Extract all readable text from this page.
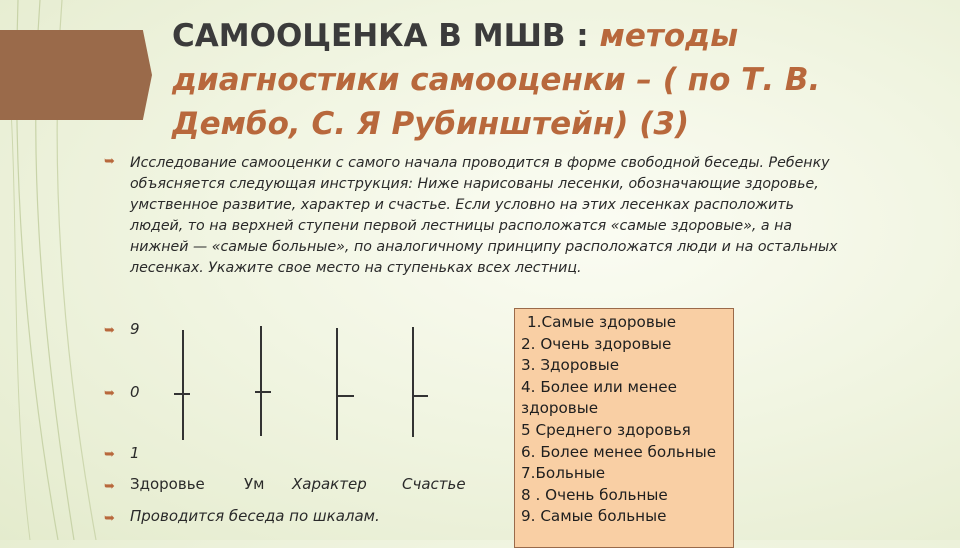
САМООЦЕНКА В МШВ : методы диагностики самооценки – ( по Т. В. Дембо, С. Я Рубинштейн) (3)
➥ Исследование самооценки с самого начала проводится в форме свободной беседы. Ребенку объясняется следующая инструкция: Ниже нарисованы лесенки, обозначающие здоровье, умственное развитие, характер и счастье. Если условно на этих лесенках расположить людей, то на верхней ступени первой лестницы расположатся «самые здоровые», а на нижней — «самые больные», по аналогичному принципу расположатся люди и на остальных лесенках. Укажите свое место на ступеньках всех лестниц.
➥ 9
➥ 0
➥ 1
➥ Здоровье	Ум Характер Счастье
➥ Проводится беседа по шкалам.
1.Самые здоровые
2. Очень здоровые
3. Здоровые
4. Более или менее здоровые
5 Среднего здоровья
6. Более менее больные
7.Больные
8 . Очень больные
9. Самые больные
